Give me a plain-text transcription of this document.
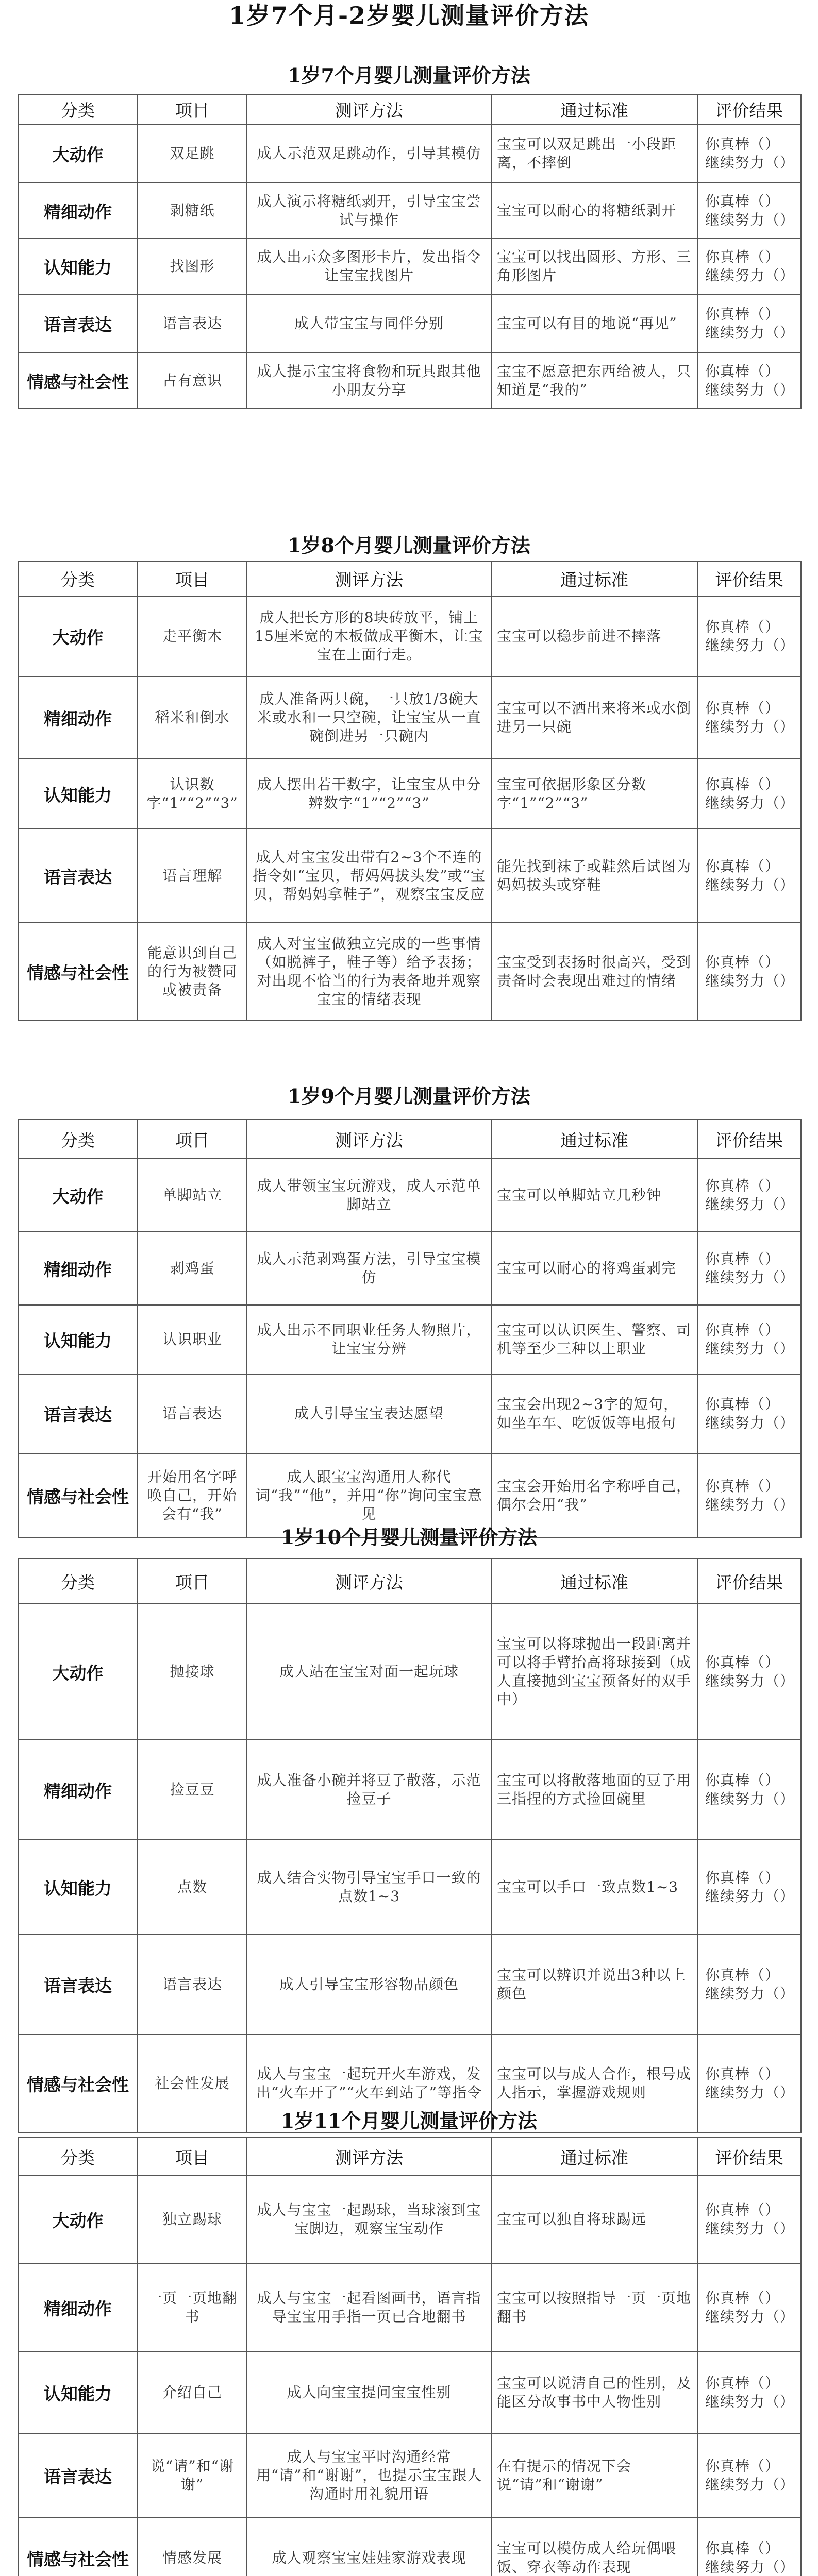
1岁7个月-2岁婴儿测量评价方法
1岁7个月婴儿测量评价方法
分类	项目	测评方法	通过标准	评价结果
大动作	双足跳	成人示范双足跳动作，引导其模仿	宝宝可以双足跳出一小段距离，不摔倒	你真棒（）
继续努力（）
精细动作	剥糖纸	成人演示将糖纸剥开，引导宝宝尝试与操作	宝宝可以耐心的将糖纸剥开	你真棒（）
继续努力（）
认知能力	找图形	成人出示众多图形卡片，发出指令让宝宝找图片	宝宝可以找出圆形、方形、三角形图片	你真棒（）
继续努力（）
语言表达	语言表达	成人带宝宝与同伴分别	宝宝可以有目的地说“再见”	你真棒（）
继续努力（）
情感与社会性	占有意识	成人提示宝宝将食物和玩具跟其他小朋友分享	宝宝不愿意把东西给被人，只知道是“我的”	你真棒（）
继续努力（）
1岁8个月婴儿测量评价方法
分类	项目	测评方法	通过标准	评价结果
大动作	走平衡木	成人把长方形的8块砖放平，铺上15厘米宽的木板做成平衡木，让宝宝在上面行走。	宝宝可以稳步前进不摔落	你真棒（）
继续努力（）
精细动作	稻米和倒水	成人准备两只碗，一只放1/3碗大米或水和一只空碗，让宝宝从一直碗倒进另一只碗内	宝宝可以不洒出来将米或水倒进另一只碗	你真棒（）
继续努力（）
认知能力	认识数字“1”“2”“3”	成人摆出若干数字，让宝宝从中分辨数字“1”“2”“3”	宝宝可依据形象区分数字“1”“2”“3”	你真棒（）
继续努力（）
语言表达	语言理解	成人对宝宝发出带有2~3个不连的指令如“宝贝，帮妈妈拔头发”或“宝贝，帮妈妈拿鞋子”，观察宝宝反应	能先找到袜子或鞋然后试图为妈妈拔头或穿鞋	你真棒（）
继续努力（）
情感与社会性	能意识到自己的行为被赞同或被责备	成人对宝宝做独立完成的一些事情（如脱裤子，鞋子等）给予表扬；对出现不恰当的行为表备地并观察宝宝的情绪表现	宝宝受到表扬时很高兴，受到责备时会表现出难过的情绪	你真棒（）
继续努力（）
1岁9个月婴儿测量评价方法
分类	项目	测评方法	通过标准	评价结果
大动作	单脚站立	成人带领宝宝玩游戏，成人示范单脚站立	宝宝可以单脚站立几秒钟	你真棒（）
继续努力（）
精细动作	剥鸡蛋	成人示范剥鸡蛋方法，引导宝宝模仿	宝宝可以耐心的将鸡蛋剥完	你真棒（）
继续努力（）
认知能力	认识职业	成人出示不同职业任务人物照片，让宝宝分辨	宝宝可以认识医生、警察、司机等至少三种以上职业	你真棒（）
继续努力（）
语言表达	语言表达	成人引导宝宝表达愿望	宝宝会出现2~3字的短句，如坐车车、吃饭饭等电报句	你真棒（）
继续努力（）
情感与社会性	开始用名字呼唤自己，开始会有“我”	成人跟宝宝沟通用人称代词“我”“他”，并用“你”询问宝宝意见	宝宝会开始用名字称呼自己，偶尔会用“我”	你真棒（）
继续努力（）
1岁10个月婴儿测量评价方法
分类	项目	测评方法	通过标准	评价结果
大动作	抛接球	成人站在宝宝对面一起玩球	宝宝可以将球抛出一段距离并可以将手臂抬高将球接到（成人直接抛到宝宝预备好的双手中）	你真棒（）
继续努力（）
精细动作	捡豆豆	成人准备小碗并将豆子散落，示范捡豆子	宝宝可以将散落地面的豆子用三指捏的方式捡回碗里	你真棒（）
继续努力（）
认知能力	点数	成人结合实物引导宝宝手口一致的点数1~3	宝宝可以手口一致点数1~3	你真棒（）
继续努力（）
语言表达	语言表达	成人引导宝宝形容物品颜色	宝宝可以辨识并说出3种以上颜色	你真棒（）
继续努力（）
情感与社会性	社会性发展	成人与宝宝一起玩开火车游戏，发出“火车开了”“火车到站了”等指令	宝宝可以与成人合作，根号成人指示，掌握游戏规则	你真棒（）
继续努力（）
1岁11个月婴儿测量评价方法
分类	项目	测评方法	通过标准	评价结果
大动作	独立踢球	成人与宝宝一起踢球，当球滚到宝宝脚边，观察宝宝动作	宝宝可以独自将球踢远	你真棒（）
继续努力（）
精细动作	一页一页地翻书	成人与宝宝一起看图画书，语言指导宝宝用手指一页已合地翻书	宝宝可以按照指导一页一页地翻书	你真棒（）
继续努力（）
认知能力	介绍自己	成人向宝宝提问宝宝性别	宝宝可以说清自己的性别，及能区分故事书中人物性别	你真棒（）
继续努力（）
语言表达	说“请”和“谢谢”	成人与宝宝平时沟通经常用“请”和“谢谢”，也提示宝宝跟人沟通时用礼貌用语	在有提示的情况下会说“请”和“谢谢”	你真棒（）
继续努力（）
情感与社会性	情感发展	成人观察宝宝娃娃家游戏表现	宝宝可以模仿成人给玩偶喂饭、穿衣等动作表现	你真棒（）
继续努力（）
